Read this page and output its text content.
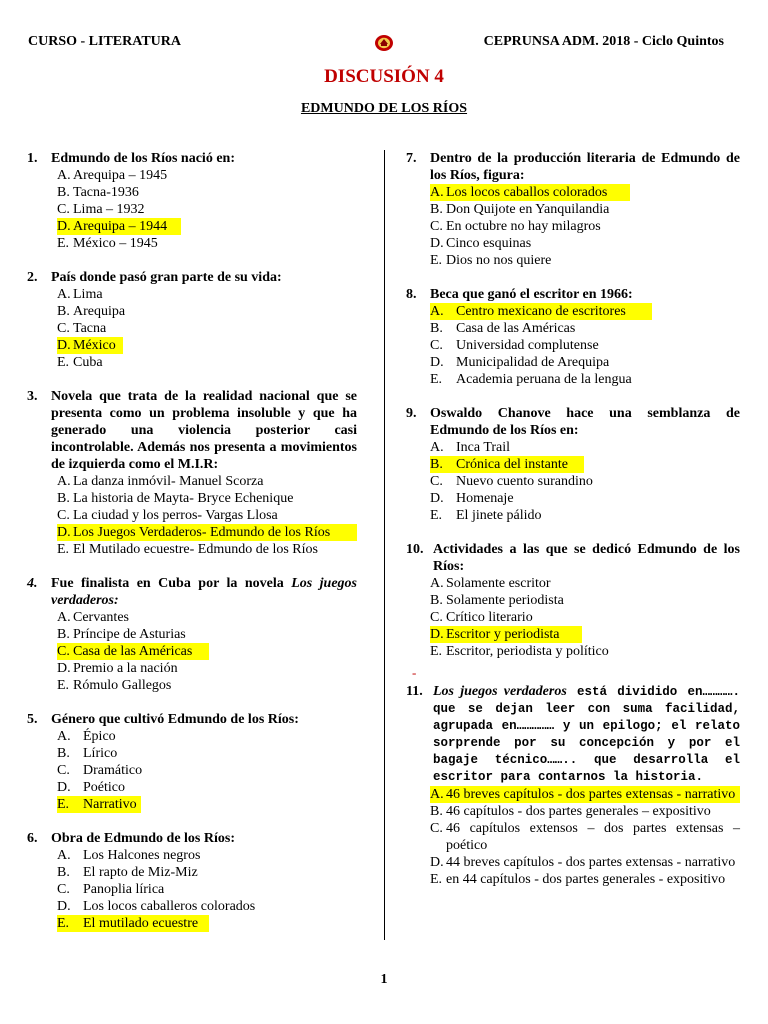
CURSO - LITERATURA	CEPRUNSA ADM. 2018 - Ciclo Quintos
DISCUSIÓN 4
EDMUNDO DE LOS RÍOS
1. Edmundo de los Ríos nació en:
A. Arequipa – 1945
B. Tacna-1936
C. Lima – 1932
D. Arequipa – 1944
E. México – 1945
2. País donde pasó gran parte de su vida:
A. Lima
B. Arequipa
C. Tacna
D. México
E. Cuba
3. Novela que trata de la realidad nacional que se presenta como un problema insoluble y que ha generado una violencia posterior casi incontrolable. Además nos presenta a movimientos de izquierda como el M.I.R:
A. La danza inmóvil- Manuel Scorza
B. La historia de Mayta- Bryce Echenique
C. La ciudad y los perros- Vargas Llosa
D. Los Juegos Verdaderos- Edmundo de los Ríos
E. El Mutilado ecuestre- Edmundo de los Ríos
4. Fue finalista en Cuba por la novela Los juegos verdaderos:
A. Cervantes
B. Príncipe de Asturias
C. Casa de las Américas
D. Premio a la nación
E. Rómulo Gallegos
5. Género que cultivó Edmundo de los Ríos:
A. Épico
B. Lírico
C. Dramático
D. Poético
E. Narrativo
6. Obra de Edmundo de los Ríos:
A. Los Halcones negros
B. El rapto de Miz-Miz
C. Panoplia lírica
D. Los locos caballeros colorados
E. El mutilado ecuestre
7. Dentro de la producción literaria de Edmundo de los Ríos, figura:
A. Los locos caballos colorados
B. Don Quijote en Yanquilandia
C. En octubre no hay milagros
D. Cinco esquinas
E. Dios no nos quiere
8. Beca que ganó el escritor en 1966:
A. Centro mexicano de escritores
B. Casa de las Américas
C. Universidad complutense
D. Municipalidad de Arequipa
E. Academia peruana de la lengua
9. Oswaldo Chanove hace una semblanza de Edmundo de los Ríos en:
A. Inca Trail
B. Crónica del instante
C. Nuevo cuento surandino
D. Homenaje
E. El jinete pálido
10. Actividades a las que se dedicó Edmundo de los Ríos:
A. Solamente escritor
B. Solamente periodista
C. Crítico literario
D. Escritor y periodista
E. Escritor, periodista y político
-
11. Los juegos verdaderos está dividido en…………. que se dejan leer con suma facilidad, agrupada en…………… y un epilogo; el relato sorprende por su concepción y por el bagaje técnico…….. que desarrolla el escritor para contarnos la historia.
A. 46 breves capítulos - dos partes extensas - narrativo
B. 46 capítulos - dos partes generales – expositivo
C. 46 capítulos extensos – dos partes extensas – poético
D. 44 breves capítulos - dos partes extensas - narrativo
E. en 44 capítulos - dos partes generales - expositivo
1
